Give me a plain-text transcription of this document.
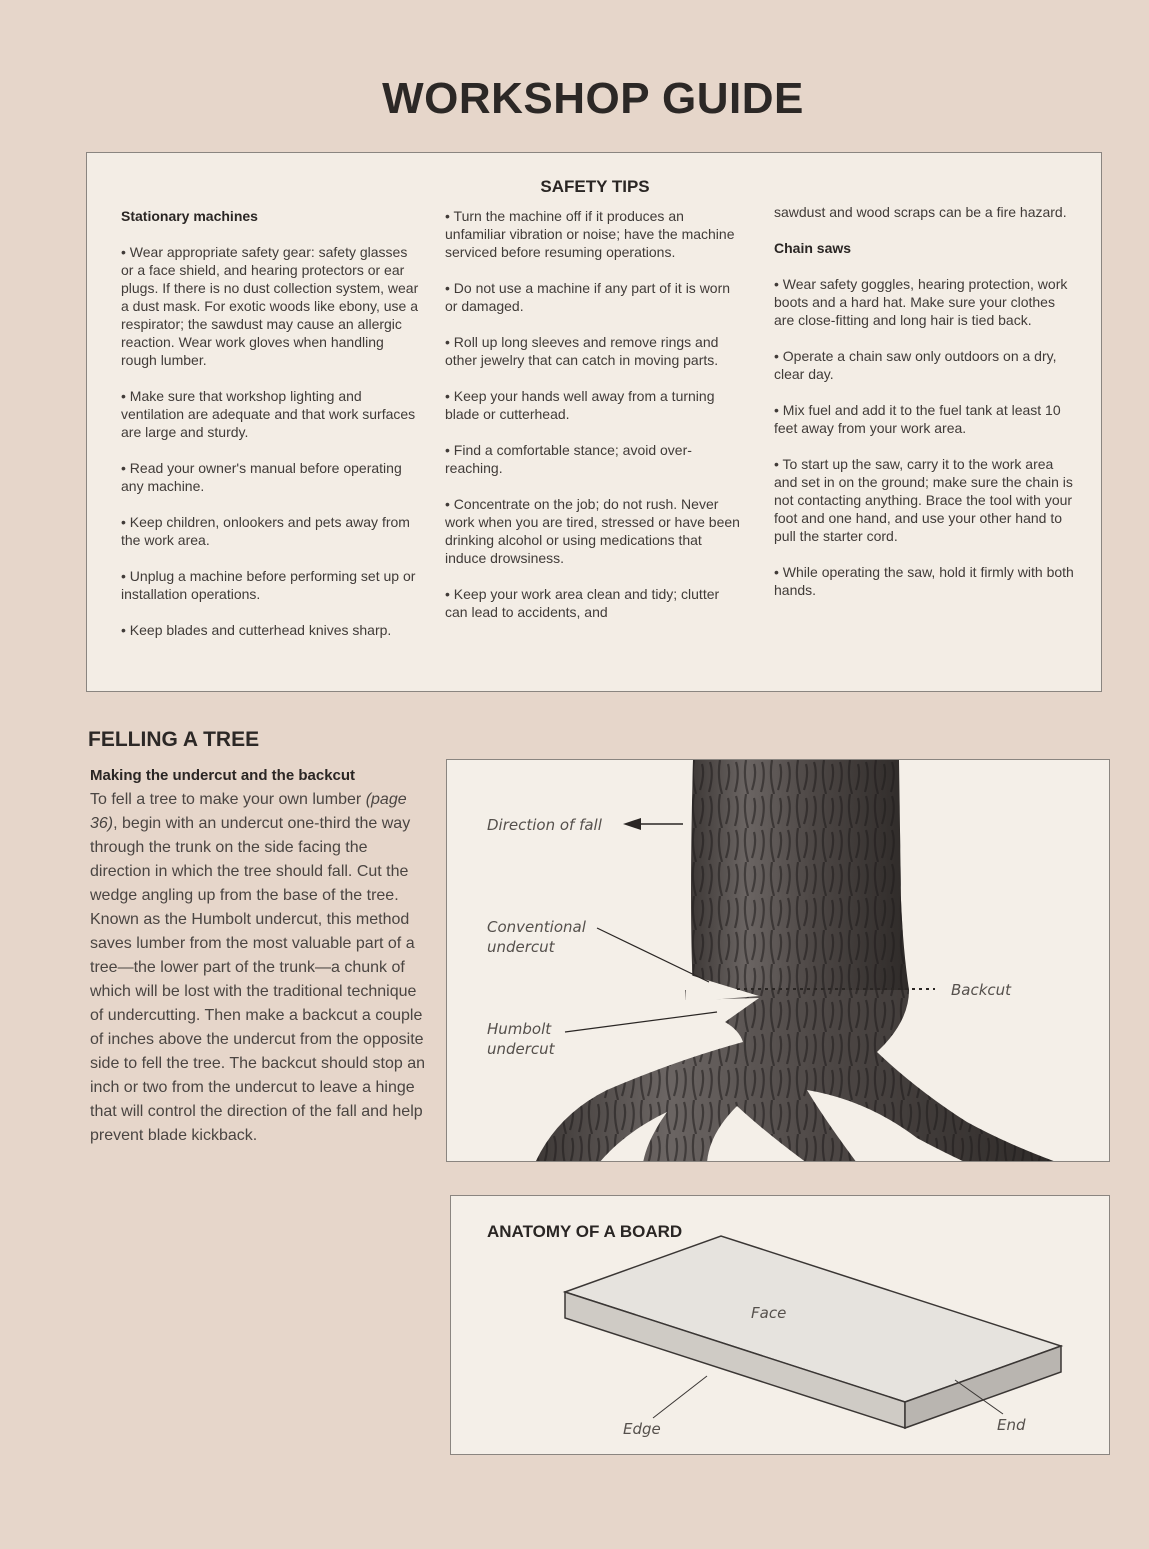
WORKSHOP GUIDE
SAFETY TIPS
Stationary machines

• Wear appropriate safety gear: safety glasses or a face shield, and hearing protectors or ear plugs. If there is no dust collection system, wear a dust mask. For exotic woods like ebony, use a respirator; the sawdust may cause an allergic reaction. Wear work gloves when handling rough lumber.

• Make sure that workshop lighting and ventilation are adequate and that work surfaces are large and sturdy.

• Read your owner's manual before operating any machine.

• Keep children, onlookers and pets away from the work area.

• Unplug a machine before performing set up or installation operations.

• Keep blades and cutterhead knives sharp.

• Turn the machine off if it produces an unfamiliar vibration or noise; have the machine serviced before resuming operations.

• Do not use a machine if any part of it is worn or damaged.

• Roll up long sleeves and remove rings and other jewelry that can catch in moving parts.

• Keep your hands well away from a turning blade or cutterhead.

• Find a comfortable stance; avoid over-reaching.

• Concentrate on the job; do not rush. Never work when you are tired, stressed or have been drinking alcohol or using medications that induce drowsiness.

• Keep your work area clean and tidy; clutter can lead to accidents, and

sawdust and wood scraps can be a fire hazard.

Chain saws

• Wear safety goggles, hearing protection, work boots and a hard hat. Make sure your clothes are close-fitting and long hair is tied back.

• Operate a chain saw only outdoors on a dry, clear day.

• Mix fuel and add it to the fuel tank at least 10 feet away from your work area.

• To start up the saw, carry it to the work area and set in on the ground; make sure the chain is not contacting anything. Brace the tool with your foot and one hand, and use your other hand to pull the starter cord.

• While operating the saw, hold it firmly with both hands.

FELLING A TREE
Making the undercut and the backcut
To fell a tree to make your own lumber (page 36), begin with an undercut one-third the way through the trunk on the side facing the direction in which the tree should fall. Cut the wedge angling up from the base of the tree. Known as the Humbolt undercut, this method saves lumber from the most valuable part of a tree—the lower part of the trunk—a chunk of which will be lost with the traditional technique of undercutting. Then make a backcut a couple of inches above the undercut from the opposite side to fell the tree. The backcut should stop an inch or two from the undercut to leave a hinge that will control the direction of the fall and help prevent blade kickback.
Direction of fall
Conventional
undercut
Backcut
Humbolt
undercut
ANATOMY OF A BOARD
Face
Edge	End
